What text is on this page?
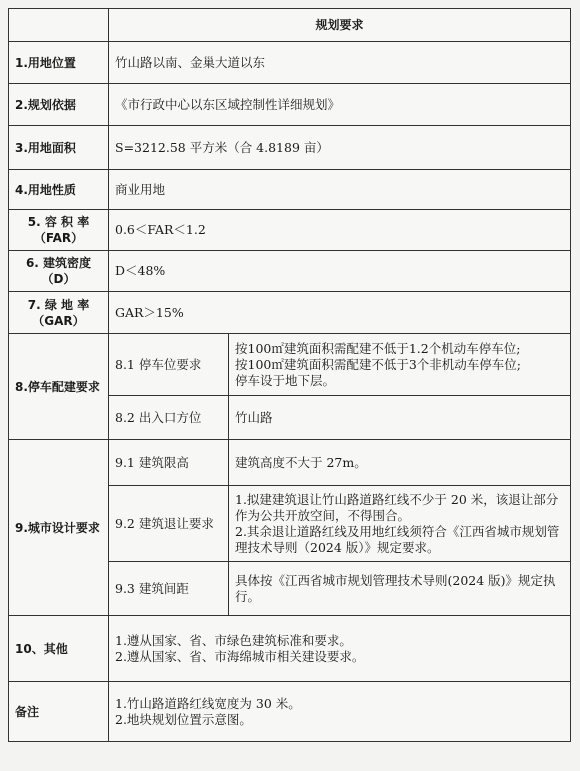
	规划要求	
1.用地位置	竹山路以南、金巢大道以东	
2.规划依据	《市行政中心以东区域控制性详细规划》	
3.用地面积	S=3212.58 平方米（合 4.8189 亩）	
4.用地性质	商业用地	
5. 容 积 率
（FAR）	0.6＜FAR＜1.2	
6. 建筑密度
（D）	D＜48%	
7. 绿 地 率
（GAR）	GAR＞15%	
8.停车配建要求	8.1 停车位要求	按100㎡建筑面积需配建不低于1.2个机动车停车位;
按100㎡建筑面积需配建不低于3个非机动车停车位;
停车设于地下层。

	8.2 出入口方位	竹山路
9.城市设计要求	9.1 建筑限高	建筑高度不大于 27m。
	9.2 建筑退让要求	1.拟建建筑退让竹山路道路红线不少于 20 米，该退让部分作为公共开放空间，不得围合。
2.其余退让道路红线及用地红线须符合《江西省城市规划管理技术导则（2024 版）》规定要求。

	9.3 建筑间距	具体按《江西省城市规划管理技术导则(2024 版)》规定执行。
10、其他	1.遵从国家、省、市绿色建筑标准和要求。
2.遵从国家、省、市海绵城市相关建设要求。	

备注	1.竹山路道路红线宽度为 30 米。
2.地块规划位置示意图。	
